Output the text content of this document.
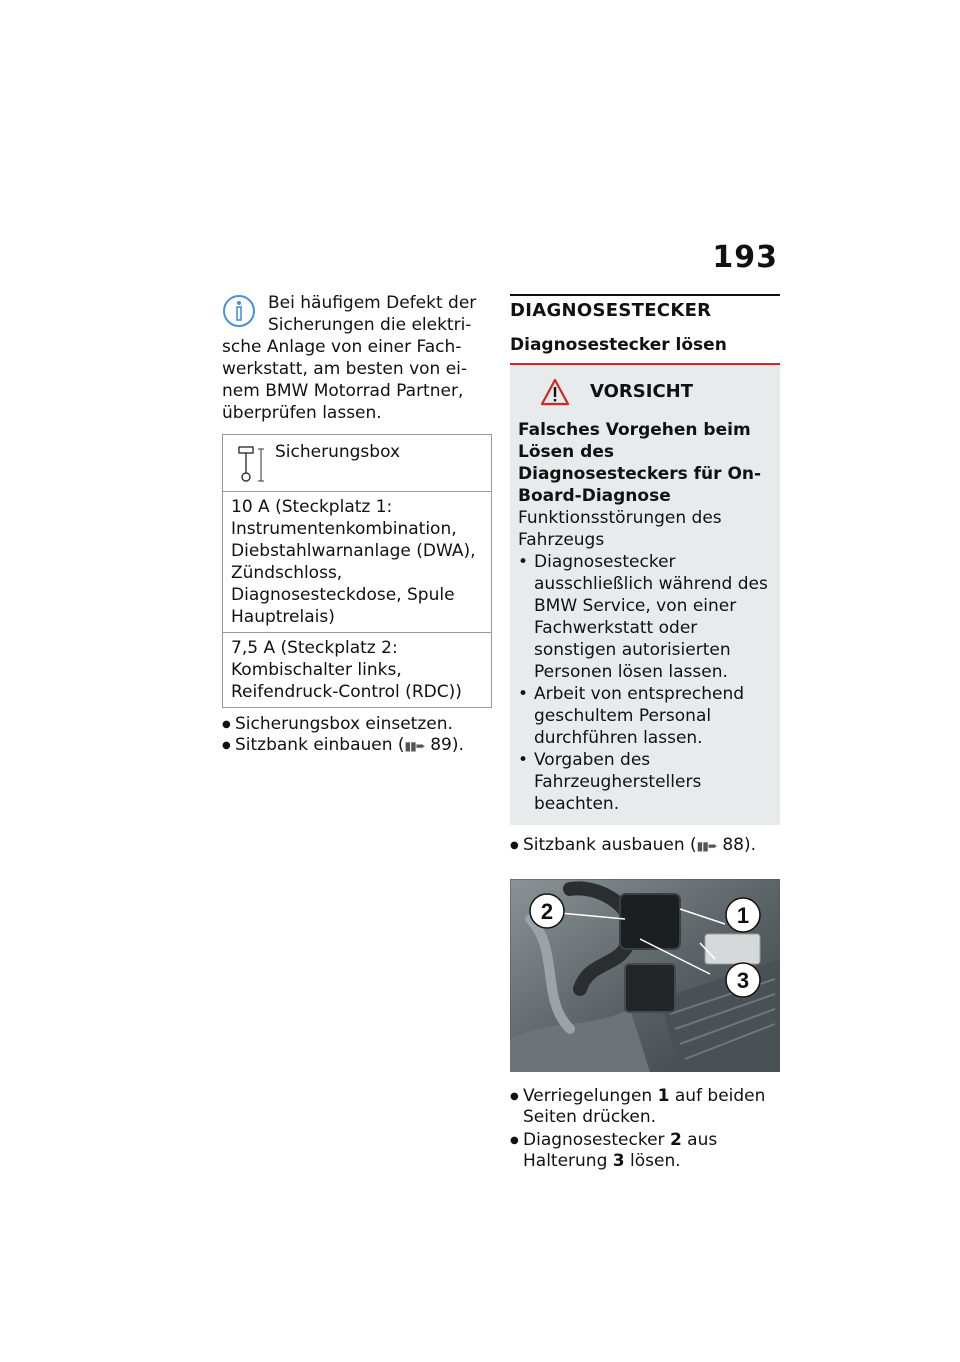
193
Bei häufigem Defekt der
Sicherungen die elektri-
sche Anlage von einer Fach-
werkstatt, am besten von ei-
nem BMW Motorrad Partner,
überprüfen lassen.
Sicherungsbox
10 A (Steckplatz 1: Instrumentenkombination, Diebstahlwarnanlage (DWA), Zündschloss, Diagnosesteckdose, Spule Hauptrelais)
7,5 A (Steckplatz 2: Kombischalter links, Reifendruck-Control (RDC))
● Sicherungsbox einsetzen.
● Sitzbank einbauen (▮▮➨ 89).
DIAGNOSESTECKER
Diagnosestecker lösen
VORSICHT
Falsches Vorgehen beim Lösen des Diagnosesteckers für On-Board-Diagnose
Funktionsstörungen des Fahrzeugs
• Diagnosestecker ausschließlich während des BMW Service, von einer Fachwerkstatt oder sonstigen autorisierten Personen lösen lassen.
• Arbeit von entsprechend geschultem Personal durchführen lassen.
• Vorgaben des Fahrzeugherstellers beachten.
● Sitzbank ausbauen (▮▮➨ 88).
2	1
3
● Verriegelungen 1 auf beiden Seiten drücken.
● Diagnosestecker 2 aus Halterung 3 lösen.
